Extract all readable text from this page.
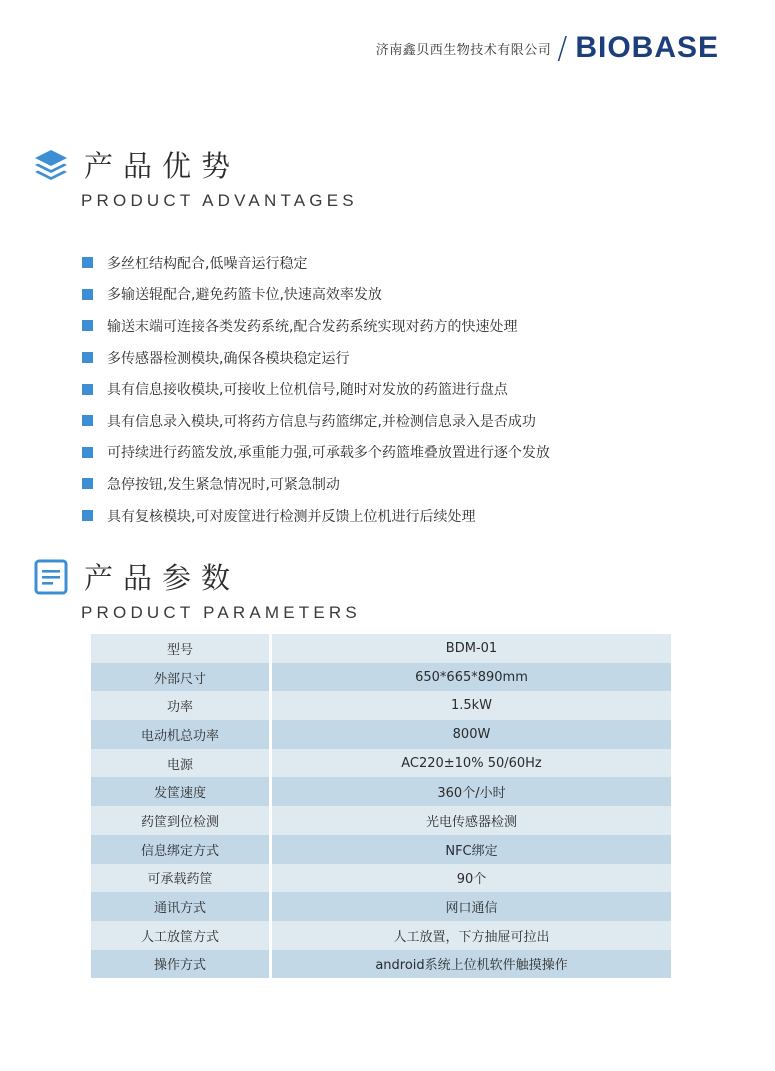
济南鑫贝西生物技术有限公司 / BIOBASE
产品优势
PRODUCT ADVANTAGES
多丝杠结构配合,低噪音运行稳定
多输送辊配合,避免药篮卡位,快速高效率发放
输送末端可连接各类发药系统,配合发药系统实现对药方的快速处理
多传感器检测模块,确保各模块稳定运行
具有信息接收模块,可接收上位机信号,随时对发放的药篮进行盘点
具有信息录入模块,可将药方信息与药篮绑定,并检测信息录入是否成功
可持续进行药篮发放,承重能力强,可承载多个药篮堆叠放置进行逐个发放
急停按钮,发生紧急情况时,可紧急制动
具有复核模块,可对废筐进行检测并反馈上位机进行后续处理
产品参数
PRODUCT PARAMETERS
型号	BDM-01
外部尺寸	650*665*890mm
功率	1.5kW
电动机总功率	800W
电源	AC220±10% 50/60Hz
发筐速度	360个/小时
药筐到位检测	光电传感器检测
信息绑定方式	NFC绑定
可承载药筐	90个
通讯方式	网口通信
人工放筐方式	人工放置，下方抽屉可拉出
操作方式	android系统上位机软件触摸操作
